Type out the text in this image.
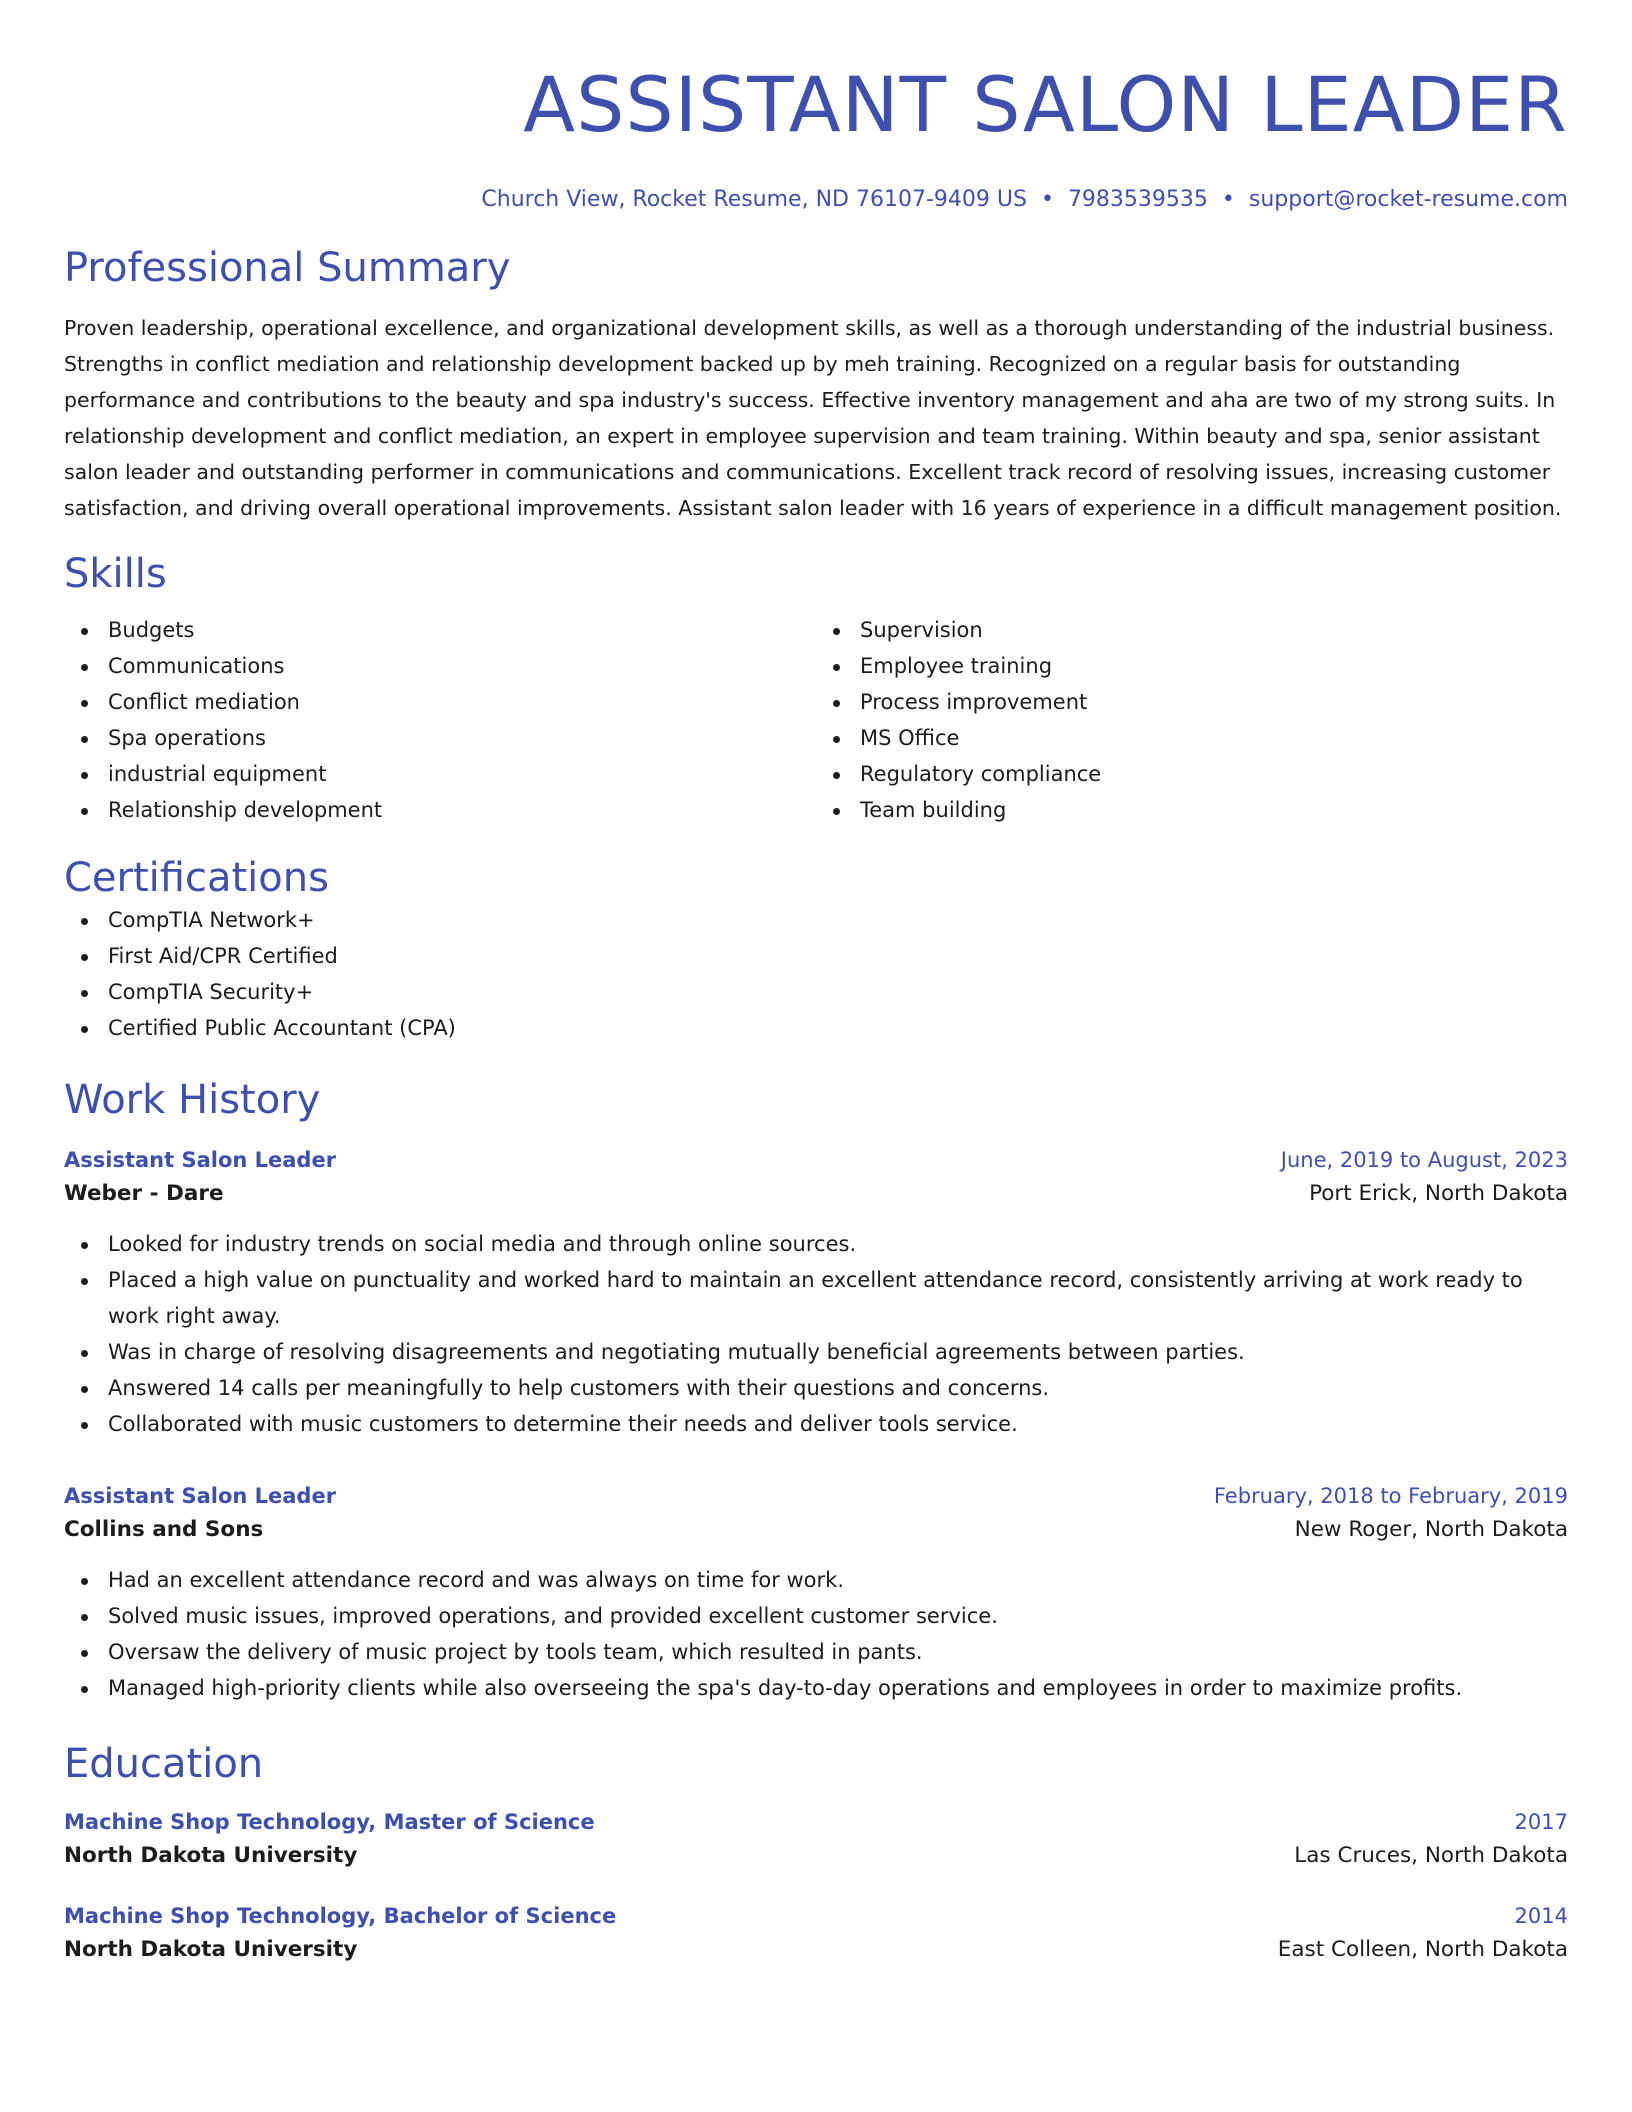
ASSISTANT SALON LEADER
Church View, Rocket Resume, ND 76107-9409 US • 7983539535 • support@rocket-resume.com
Professional Summary
Proven leadership, operational excellence, and organizational development skills, as well as a thorough understanding of the industrial business. Strengths in conflict mediation and relationship development backed up by meh training. Recognized on a regular basis for outstanding performance and contributions to the beauty and spa industry's success. Effective inventory management and aha are two of my strong suits. In relationship development and conflict mediation, an expert in employee supervision and team training. Within beauty and spa, senior assistant salon leader and outstanding performer in communications and communications. Excellent track record of resolving issues, increasing customer satisfaction, and driving overall operational improvements. Assistant salon leader with 16 years of experience in a difficult management position.
Skills
Budgets
Communications
Conflict mediation
Spa operations
industrial equipment
Relationship development
Supervision
Employee training
Process improvement
MS Office
Regulatory compliance
Team building
Certifications
CompTIA Network+
First Aid/CPR Certified
CompTIA Security+
Certified Public Accountant (CPA)
Work History
Assistant Salon Leader	June, 2019 to August, 2023
Weber - Dare	Port Erick, North Dakota
Looked for industry trends on social media and through online sources.
Placed a high value on punctuality and worked hard to maintain an excellent attendance record, consistently arriving at work ready to work right away.
Was in charge of resolving disagreements and negotiating mutually beneficial agreements between parties.
Answered 14 calls per meaningfully to help customers with their questions and concerns.
Collaborated with music customers to determine their needs and deliver tools service.
Assistant Salon Leader	February, 2018 to February, 2019
Collins and Sons	New Roger, North Dakota
Had an excellent attendance record and was always on time for work.
Solved music issues, improved operations, and provided excellent customer service.
Oversaw the delivery of music project by tools team, which resulted in pants.
Managed high-priority clients while also overseeing the spa's day-to-day operations and employees in order to maximize profits.
Education
Machine Shop Technology, Master of Science	2017
North Dakota University	Las Cruces, North Dakota
Machine Shop Technology, Bachelor of Science	2014
North Dakota University	East Colleen, North Dakota
